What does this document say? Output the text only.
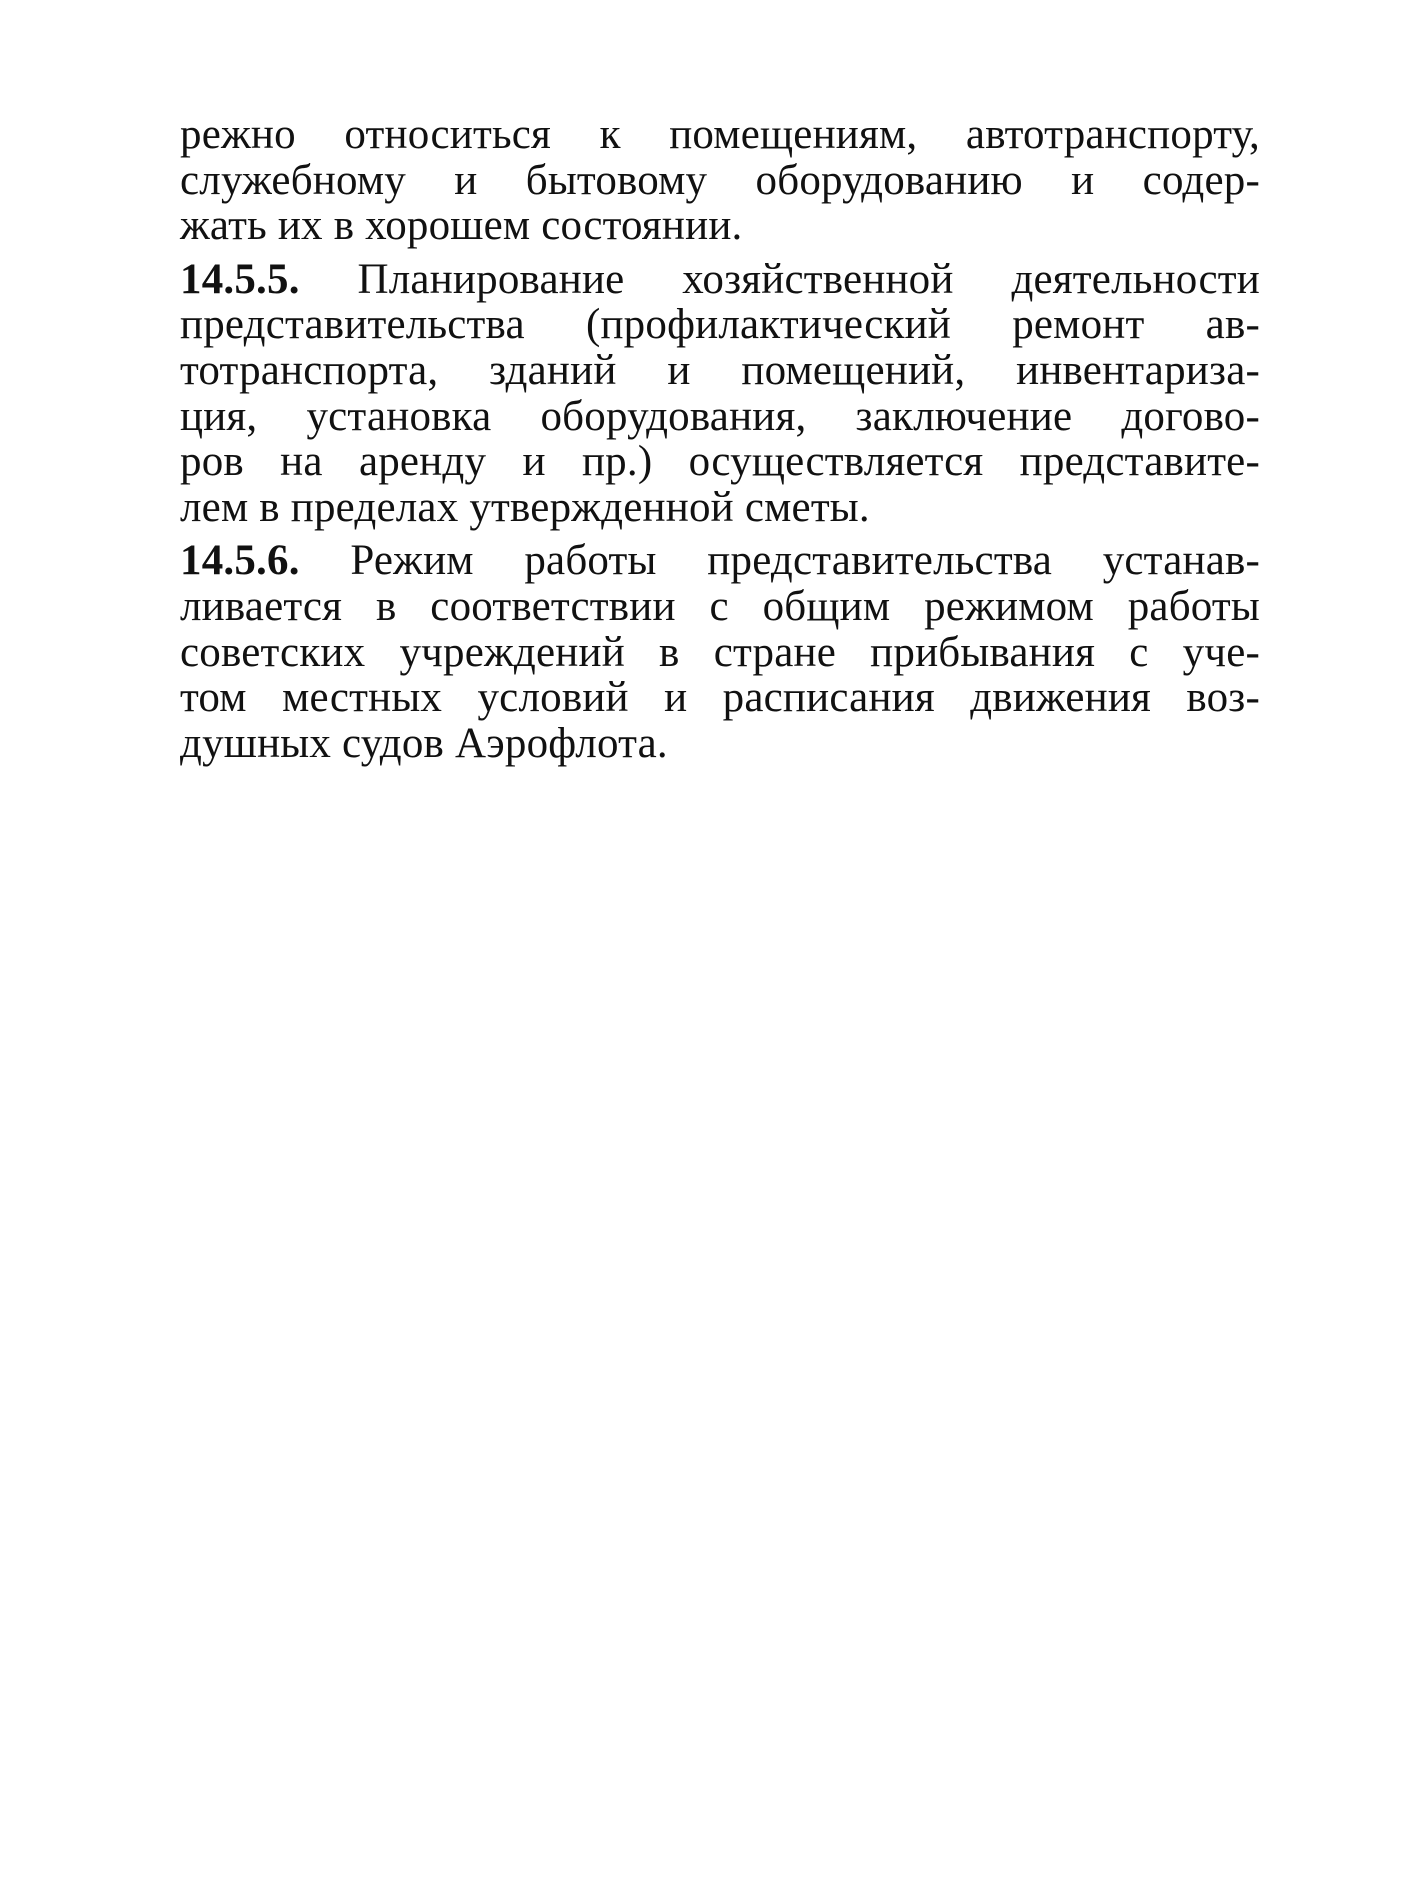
режно относиться к помещениям, автотранспорту,
служебному и бытовому оборудованию и содер-
жать их в хорошем состоянии.
14.5.5. Планирование хозяйственной деятельности
представительства (профилактический ремонт ав-
тотранспорта, зданий и помещений, инвентариза-
ция, установка оборудования, заключение догово-
ров на аренду и пр.) осуществляется представите-
лем в пределах утвержденной сметы.
14.5.6. Режим работы представительства устанав-
ливается в соответствии с общим режимом работы
советских учреждений в стране прибывания с уче-
том местных условий и расписания движения воз-
душных судов Аэрофлота.
